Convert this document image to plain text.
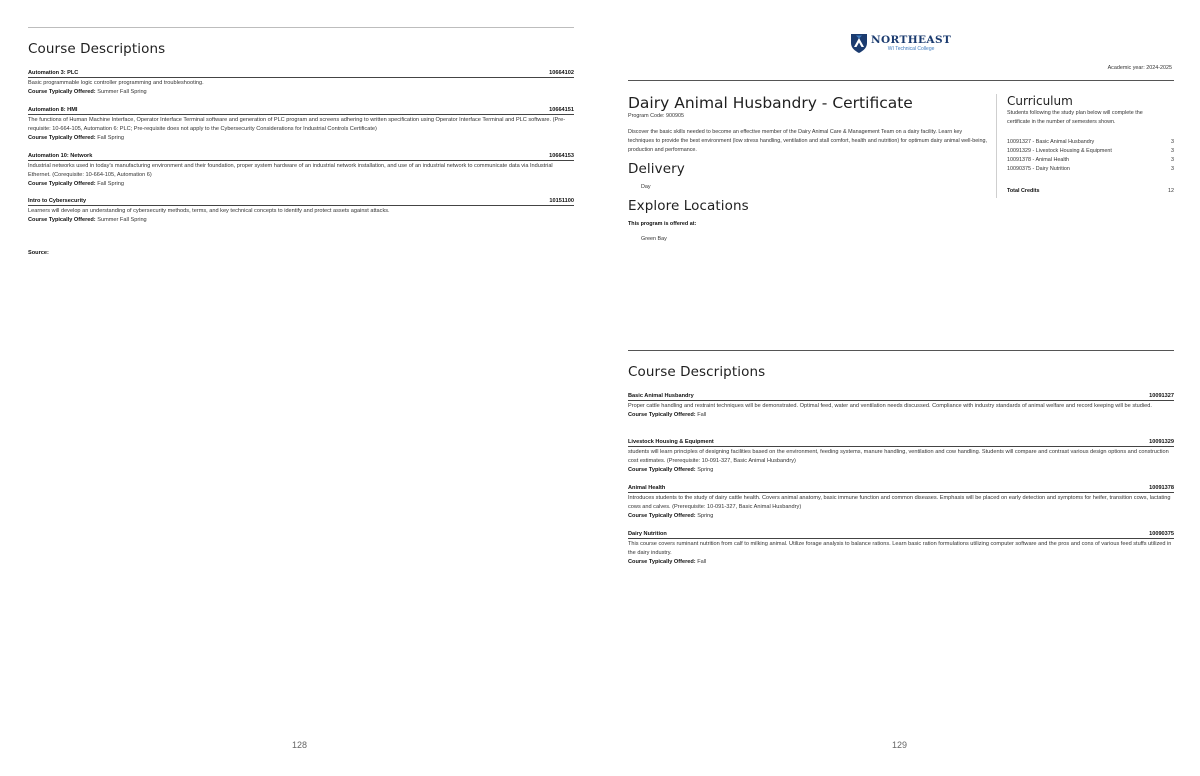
Course Descriptions
Automation 3: PLC	10664102
Basic programmable logic controller programming and troubleshooting.
Course Typically Offered: Summer Fall Spring
Automation 8: HMI	10664151
The functions of Human Machine Interface, Operator Interface Terminal software and generation of PLC program and screens adhering to written specification using Operator Interface Terminal and PLC software. (Pre-requisite: 10-664-105, Automation 6: PLC; Pre-requisite does not apply to the Cybersecurity Considerations for Industrial Controls Certificate)
Course Typically Offered: Fall Spring
Automation 10: Network	10664153
Industrial networks used in today's manufacturing environment and their foundation, proper system hardware of an industrial network installation, and use of an industrial network to communicate data via Industrial Ethernet. (Corequisite: 10-664-105, Automation 6)
Course Typically Offered: Fall Spring
Intro to Cybersecurity	10151100
Learners will develop an understanding of cybersecurity methods, terms, and key technical concepts to identify and protect assets against attacks.
Course Typically Offered: Summer Fall Spring
Source:
128
NORTHEAST
WI Technical College
Academic year: 2024-2025
Dairy Animal Husbandry - Certificate
Program Code: 900905
Discover the basic skills needed to become an effective member of the Dairy Animal Care & Management Team on a dairy facility. Learn key techniques to provide the best environment (low stress handling, ventilation and stall comfort, health and nutrition) for optimum dairy animal well-being, production and performance.
Delivery
Day
Explore Locations
This program is offered at:
Green Bay
Curriculum
Students following the study plan below will complete the certificate in the number of semesters shown.
10091327 - Basic Animal Husbandry	3
10091329 - Livestock Housing & Equipment	3
10091378 - Animal Health	3
10090375 - Dairy Nutrition	3
Total Credits	12
Course Descriptions
Basic Animal Husbandry	10091327
Proper cattle handling and restraint techniques will be demonstrated. Optimal feed, water and ventilation needs discussed. Compliance with industry standards of animal welfare and record keeping will be studied.
Course Typically Offered: Fall
Livestock Housing & Equipment	10091329
students will learn principles of designing facilities based on the environment, feeding systems, manure handling, ventilation and cow handling. Students will compare and contrast various design options and construction cost estimates. (Prerequisite: 10-091-327, Basic Animal Husbandry)
Course Typically Offered: Spring
Animal Health	10091378
Introduces students to the study of dairy cattle health. Covers animal anatomy, basic immune function and common diseases. Emphasis will be placed on early detection and symptoms for heifer, transition cows, lactating cows and calves. (Prerequisite: 10-091-327, Basic Animal Husbandry)
Course Typically Offered: Spring
Dairy Nutrition	10090375
This course covers ruminant nutrition from calf to milking animal. Utilize forage analysis to balance rations. Learn basic ration formulations utilizing computer software and the pros and cons of various feed stuffs utilized in the dairy industry.
Course Typically Offered: Fall
129
